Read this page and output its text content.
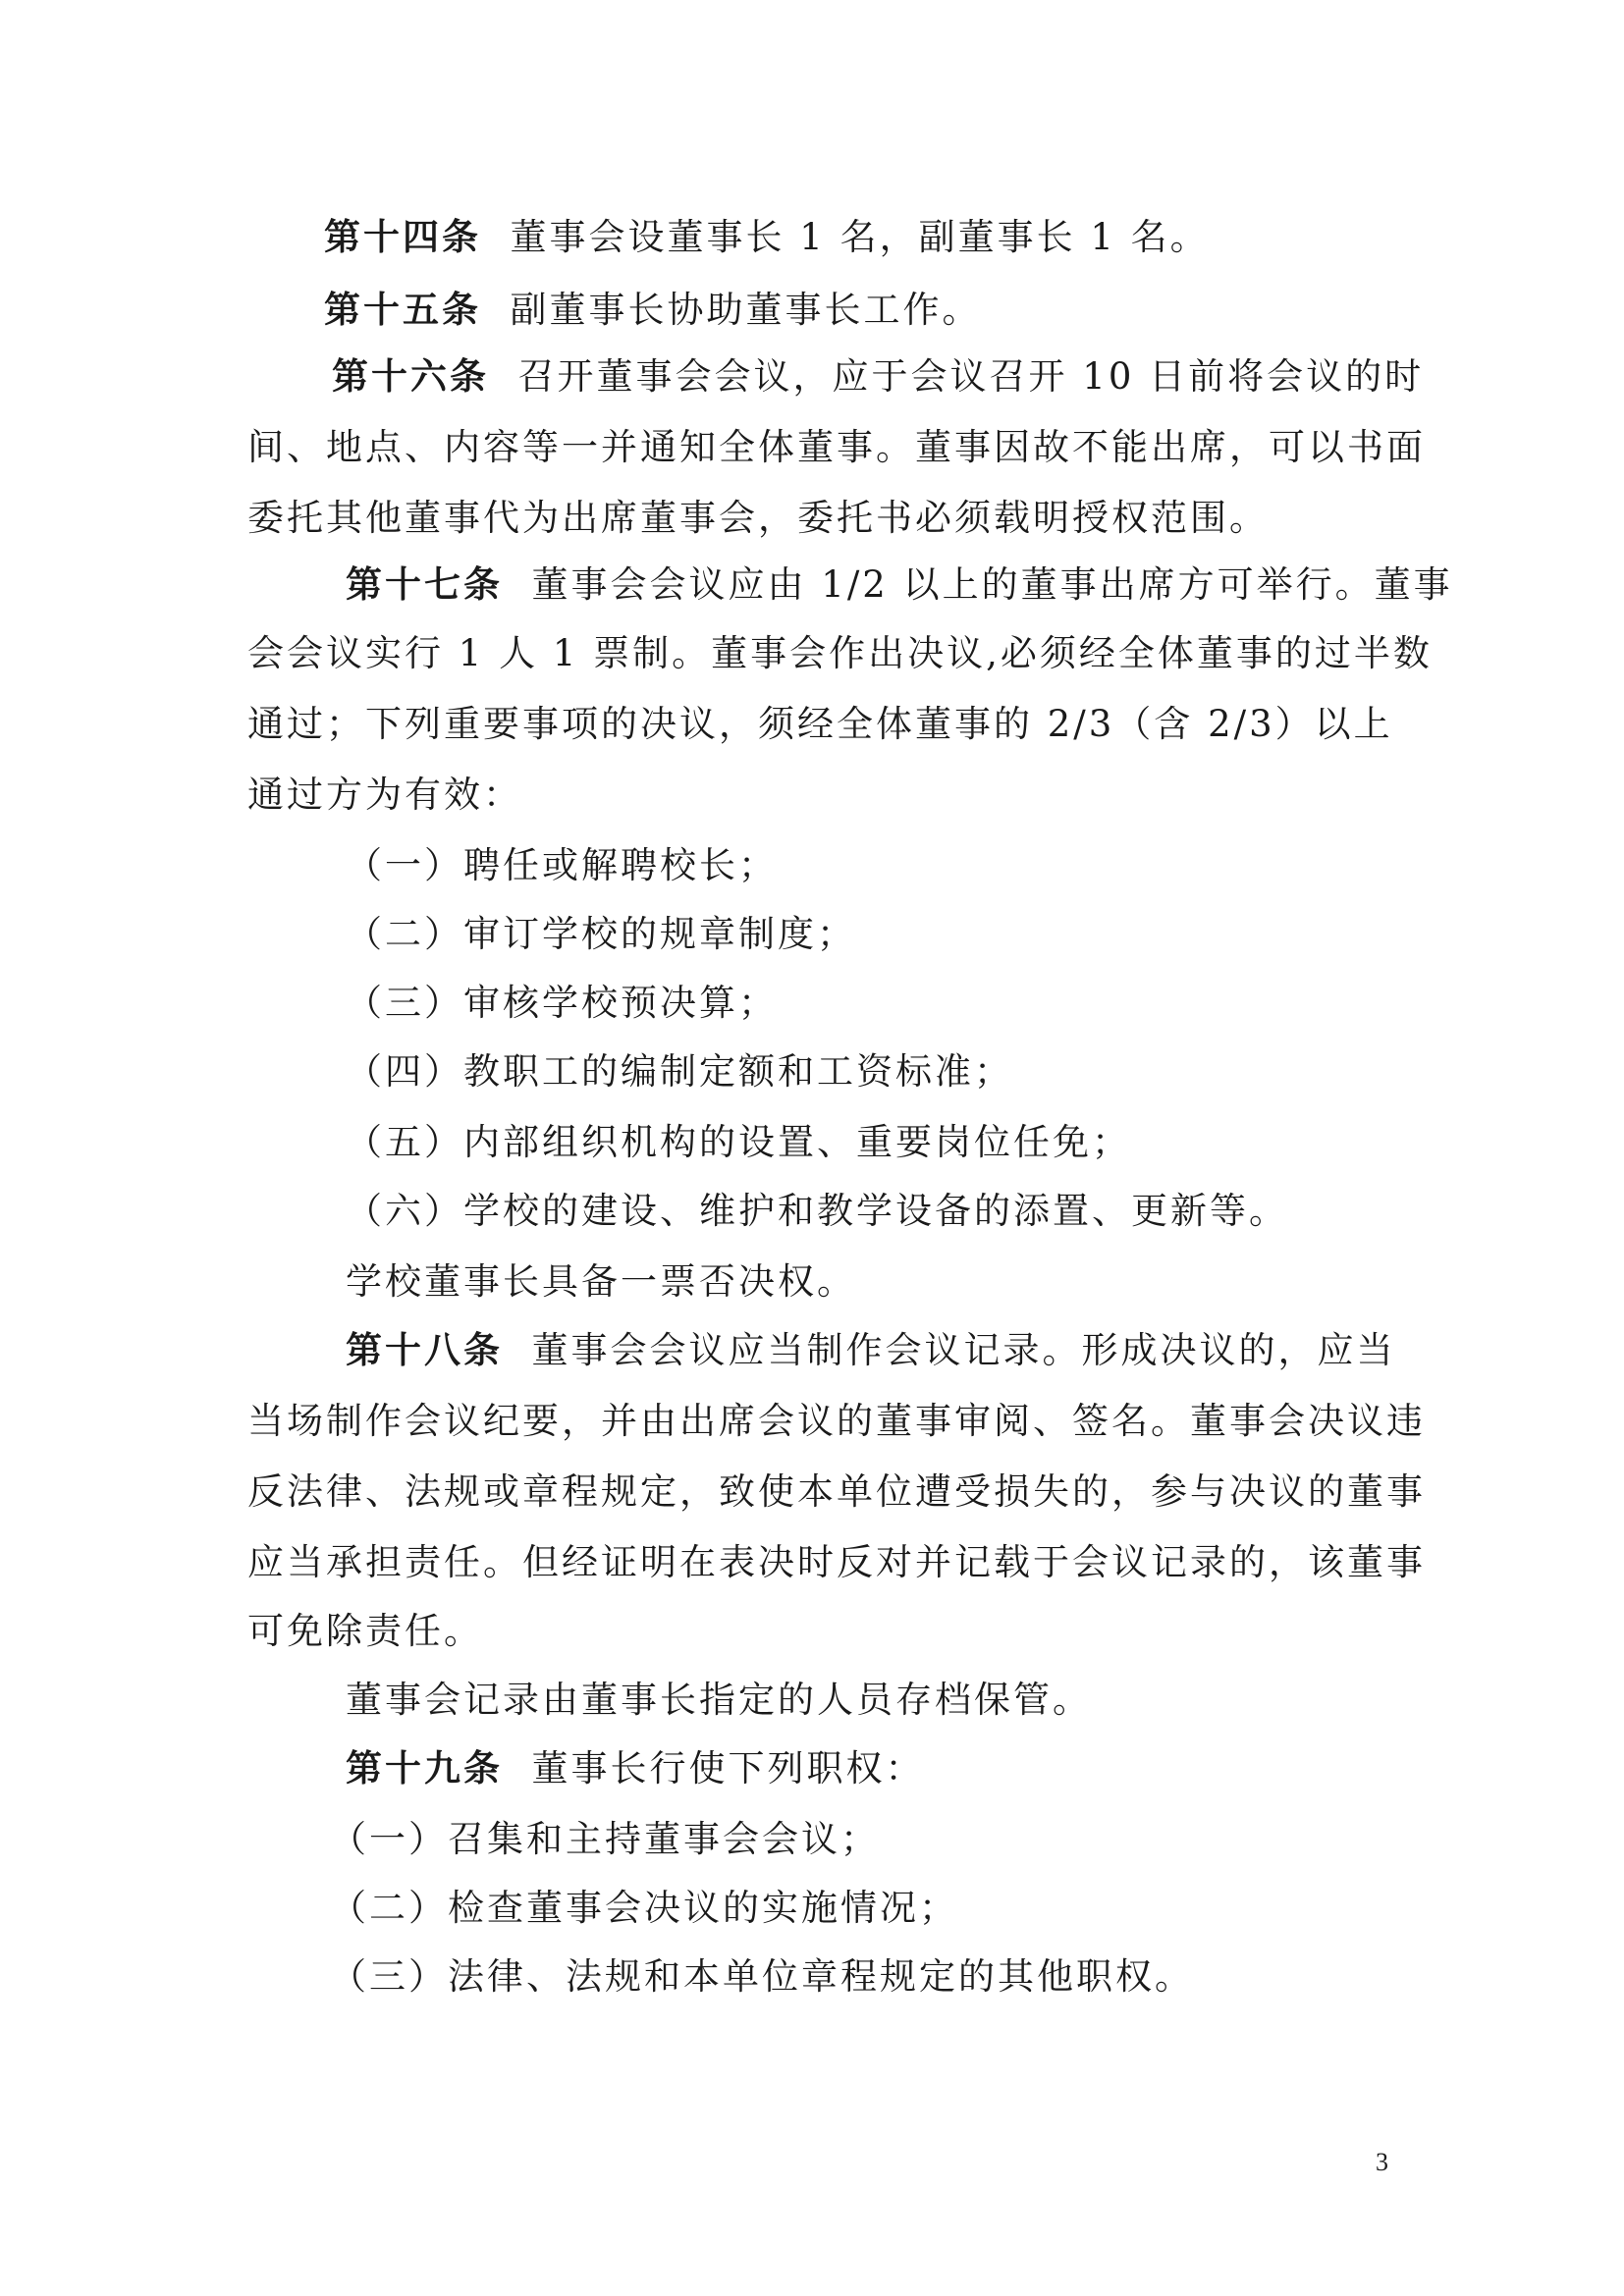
第十四条 董事会设董事长 1 名，副董事长 1 名。
第十五条 副董事长协助董事长工作。
第十六条 召开董事会会议，应于会议召开 10 日前将会议的时
间、地点、内容等一并通知全体董事。董事因故不能出席，可以书面
委托其他董事代为出席董事会，委托书必须载明授权范围。
第十七条 董事会会议应由 1/2 以上的董事出席方可举行。董事
会会议实行 1 人 1 票制。董事会作出决议,必须经全体董事的过半数
通过；下列重要事项的决议，须经全体董事的 2/3（含 2/3）以上
通过方为有效：
（一）聘任或解聘校长；
（二）审订学校的规章制度；
（三）审核学校预决算；
（四）教职工的编制定额和工资标准；
（五）内部组织机构的设置、重要岗位任免；
（六）学校的建设、维护和教学设备的添置、更新等。
学校董事长具备一票否决权。
第十八条 董事会会议应当制作会议记录。形成决议的，应当
当场制作会议纪要，并由出席会议的董事审阅、签名。董事会决议违
反法律、法规或章程规定，致使本单位遭受损失的，参与决议的董事
应当承担责任。但经证明在表决时反对并记载于会议记录的，该董事
可免除责任。
董事会记录由董事长指定的人员存档保管。
第十九条 董事长行使下列职权：
（一）召集和主持董事会会议；
（二）检查董事会决议的实施情况；
（三）法律、法规和本单位章程规定的其他职权。
3
